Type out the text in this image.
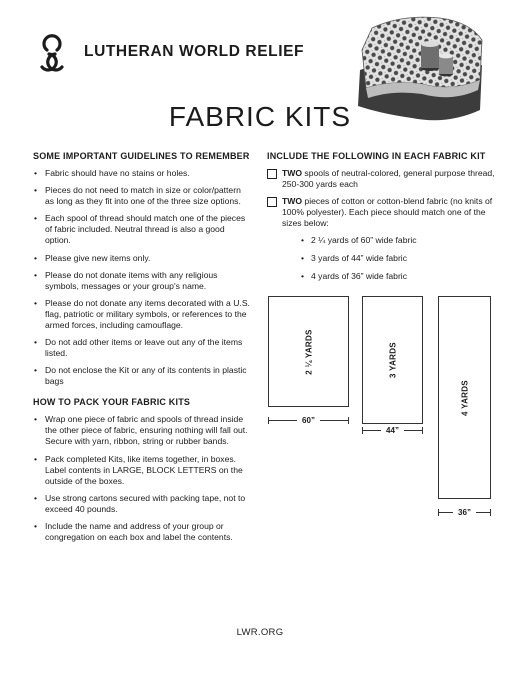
LUTHERAN WORLD RELIEF
FABRIC KITS
SOME IMPORTANT GUIDELINES TO REMEMBER
• Fabric should have no stains or holes.
• Pieces do not need to match in size or color/pattern as long as they fit into one of the three size options.
• Each spool of thread should match one of the pieces of fabric included. Neutral thread is also a good option.
• Please give new items only.
• Please do not donate items with any religious symbols, messages or your group's name.
• Please do not donate any items decorated with a U.S. flag, patriotic or military symbols, or references to the armed forces, including camouflage.
• Do not add other items or leave out any of the items listed.
• Do not enclose the Kit or any of its contents in plastic bags
HOW TO PACK YOUR FABRIC KITS
• Wrap one piece of fabric and spools of thread inside the other piece of fabric, ensuring nothing will fall out. Secure with yarn, ribbon, string or rubber bands.
• Pack completed Kits, like items together, in boxes. Label contents in LARGE, BLOCK LETTERS on the outside of the boxes.
• Use strong cartons secured with packing tape, not to exceed 40 pounds.
• Include the name and address of your group or congregation on each box and label the contents.
INCLUDE THE FOLLOWING IN EACH FABRIC KIT
TWO spools of neutral-colored, general purpose thread, 250-300 yards each
TWO pieces of cotton or cotton-blend fabric (no knits of 100% polyester). Each piece should match one of the sizes below:
• 2 ¼ yards of 60” wide fabric
• 3 yards of 44” wide fabric
• 4 yards of 36” wide fabric
2 ¼ YARDS
60”
3 YARDS
44”
4 YARDS
36”
LWR.ORG
